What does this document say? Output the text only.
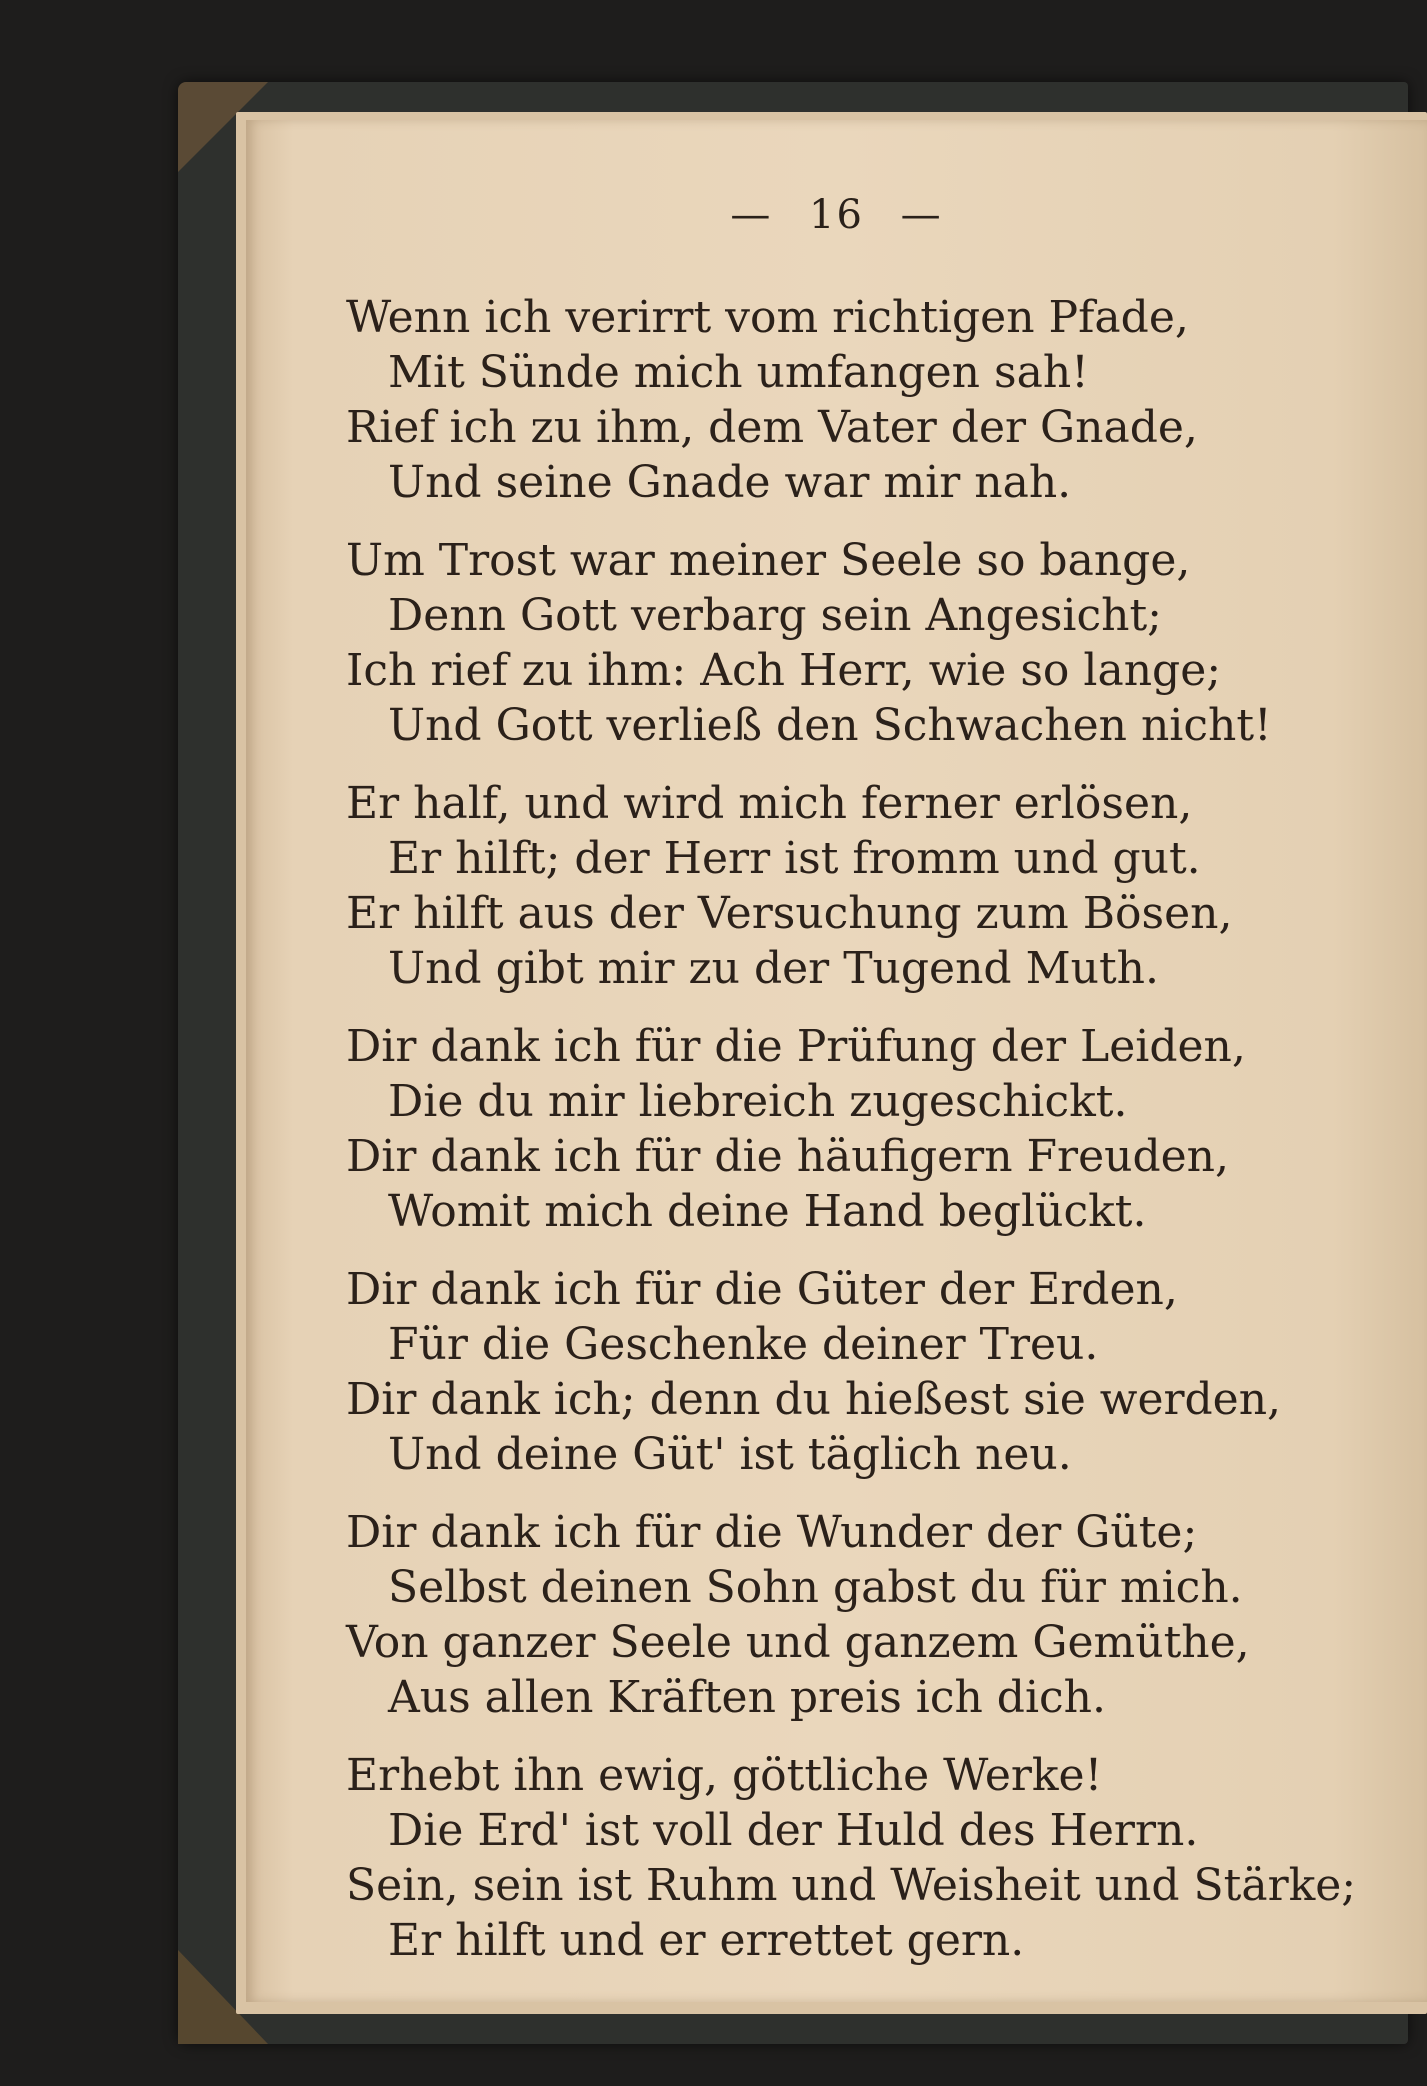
— 16 —
Wenn ich verirrt vom richtigen Pfade,
Mit Sünde mich umfangen sah!
Rief ich zu ihm, dem Vater der Gnade,
Und seine Gnade war mir nah.
Um Trost war meiner Seele so bange,
Denn Gott verbarg sein Angesicht;
Ich rief zu ihm: Ach Herr, wie so lange;
Und Gott verließ den Schwachen nicht!
Er half, und wird mich ferner erlösen,
Er hilft; der Herr ist fromm und gut.
Er hilft aus der Versuchung zum Bösen,
Und gibt mir zu der Tugend Muth.
Dir dank ich für die Prüfung der Leiden,
Die du mir liebreich zugeschickt.
Dir dank ich für die häufigern Freuden,
Womit mich deine Hand beglückt.
Dir dank ich für die Güter der Erden,
Für die Geschenke deiner Treu.
Dir dank ich; denn du hießest sie werden,
Und deine Güt' ist täglich neu.
Dir dank ich für die Wunder der Güte;
Selbst deinen Sohn gabst du für mich.
Von ganzer Seele und ganzem Gemüthe,
Aus allen Kräften preis ich dich.
Erhebt ihn ewig, göttliche Werke!
Die Erd' ist voll der Huld des Herrn.
Sein, sein ist Ruhm und Weisheit und Stärke;
Er hilft und er errettet gern.
